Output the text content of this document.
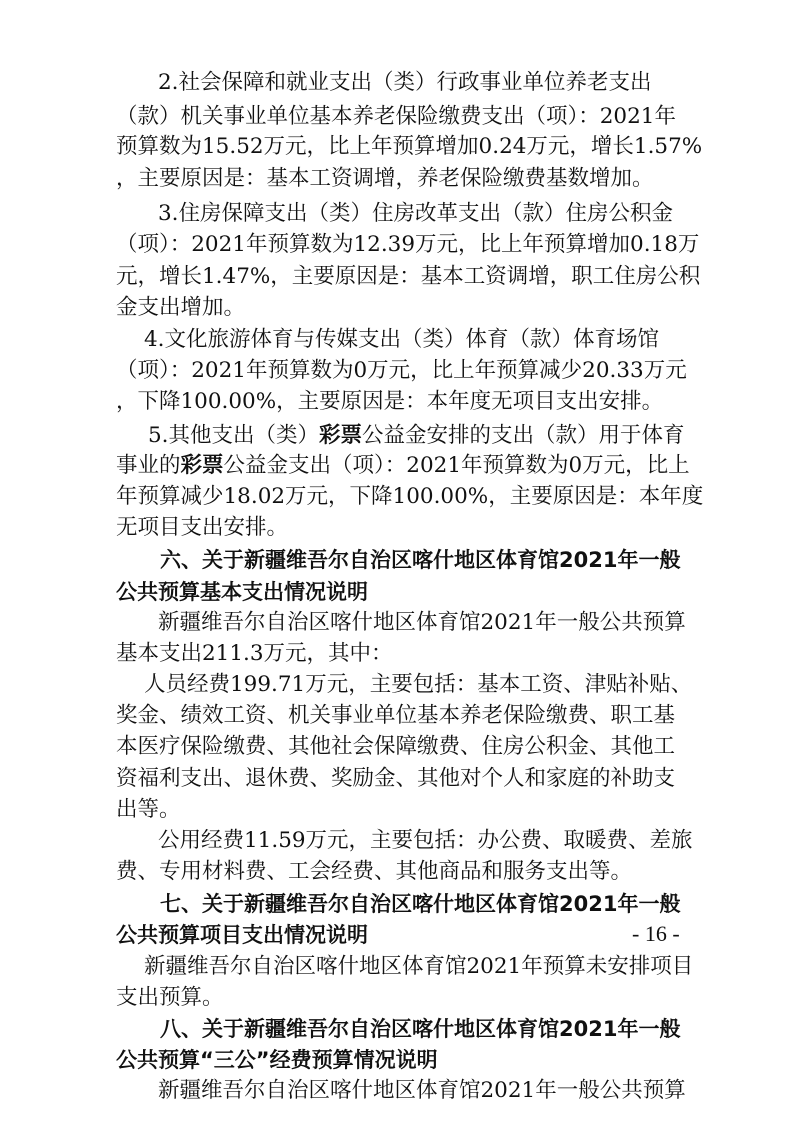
2.社会保障和就业支出（类）行政事业单位养老支出

（款）机关事业单位基本养老保险缴费支出（项）：2021年

预算数为15.52万元，比上年预算增加0.24万元，增长1.57%

，主要原因是：基本工资调增，养老保险缴费基数增加。

3.住房保障支出（类）住房改革支出（款）住房公积金

（项）：2021年预算数为12.39万元，比上年预算增加0.18万

元，增长1.47%，主要原因是：基本工资调增，职工住房公积

金支出增加。

4.文化旅游体育与传媒支出（类）体育（款）体育场馆

（项）：2021年预算数为0万元，比上年预算减少20.33万元

，下降100.00%，主要原因是：本年度无项目支出安排。

5.其他支出（类）彩票公益金安排的支出（款）用于体育

事业的彩票公益金支出（项）：2021年预算数为0万元，比上

年预算减少18.02万元，下降100.00%，主要原因是：本年度

无项目支出安排。

六、关于新疆维吾尔自治区喀什地区体育馆2021年一般

公共预算基本支出情况说明

新疆维吾尔自治区喀什地区体育馆2021年一般公共预算

基本支出211.3万元，其中：

人员经费199.71万元，主要包括：基本工资、津贴补贴、

奖金、绩效工资、机关事业单位基本养老保险缴费、职工基

本医疗保险缴费、其他社会保障缴费、住房公积金、其他工

资福利支出、退休费、奖励金、其他对个人和家庭的补助支

出等。

公用经费11.59万元，主要包括：办公费、取暖费、差旅

费、专用材料费、工会经费、其他商品和服务支出等。

七、关于新疆维吾尔自治区喀什地区体育馆2021年一般

公共预算项目支出情况说明

新疆维吾尔自治区喀什地区体育馆2021年预算未安排项目

支出预算。

- 16 -

八、关于新疆维吾尔自治区喀什地区体育馆2021年一般

公共预算“三公”经费预算情况说明

新疆维吾尔自治区喀什地区体育馆2021年一般公共预算
